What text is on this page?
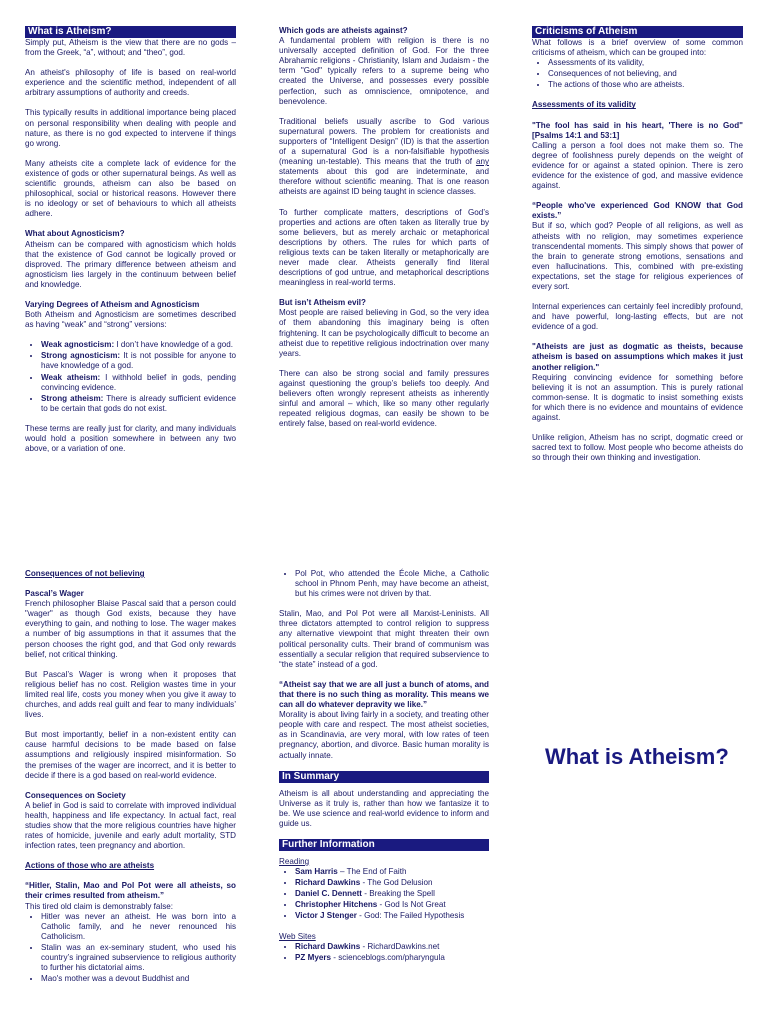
What is Atheism?

Simply put, Atheism is the view that there are no gods – from the Greek, “a”, without; and “theo”, god.

An atheist's philosophy of life is based on real-world experience and the scientific method, independent of all arbitrary assumptions of authority and creeds.

This typically results in additional importance being placed on personal responsibility when dealing with people and nature, as there is no god expected to intervene if things go wrong.

Many atheists cite a complete lack of evidence for the existence of gods or other supernatural beings. As well as scientific grounds, atheism can also be based on philosophical, social or historical reasons. However there is no ideology or set of behaviours to which all atheists adhere.

What about Agnosticism?

Atheism can be compared with agnosticism which holds that the existence of God cannot be logically proved or disproved. The primary difference between atheism and agnosticism lies largely in the continuum between belief and knowledge.

Varying Degrees of Atheism and Agnosticism

Both Atheism and Agnosticism are sometimes described as having “weak” and “strong” versions:

• Weak agnosticism: I don’t have knowledge of a god.
• Strong agnosticism: It is not possible for anyone to have knowledge of a god.
• Weak atheism: I withhold belief in gods, pending convincing evidence.
• Strong atheism: There is already sufficient evidence to be certain that gods do not exist.

These terms are really just for clarity, and many individuals would hold a position somewhere in between any two above, or a variation of one.

Which gods are atheists against?

A fundamental problem with religion is there is no universally accepted definition of God. For the three Abrahamic religions - Christianity, Islam and Judaism - the term "God" typically refers to a supreme being who created the Universe, and possesses every possible perfection, such as omniscience, omnipotence, and benevolence.

Traditional beliefs usually ascribe to God various supernatural powers. The problem for creationists and supporters of “Intelligent Design” (ID) is that the assertion of a supernatural God is a non-falsifiable hypothesis (meaning un-testable). This means that the truth of any statements about this god are indeterminate, and therefore without scientific meaning. That is one reason atheists are against ID being taught in science classes.

To further complicate matters, descriptions of God’s properties and actions are often taken as literally true by some believers, but as merely archaic or metaphorical descriptions by others. The rules for which parts of religious texts can be taken literally or metaphorically are never made clear. Atheists generally find literal descriptions of god untrue, and metaphorical descriptions meaningless in real-world terms.

But isn’t Atheism evil?

Most people are raised believing in God, so the very idea of them abandoning this imaginary being is often frightening. It can be psychologically difficult to become an atheist due to repetitive religious indoctrination over many years.

There can also be strong social and family pressures against questioning the group’s beliefs too deeply. And believers often wrongly represent atheists as inherently sinful and amoral – which, like so many other regularly repeated religious dogmas, can easily be shown to be entirely false, based on real-world evidence.

Criticisms of Atheism
What follows is a brief overview of some common criticisms of atheism, which can be grouped into:
• Assessments of its validity,
• Consequences of not believing, and
• The actions of those who are atheists.
Assessments of its validity
"The fool has said in his heart, 'There is no God" [Psalms 14:1 and 53:1]

Calling a person a fool does not make them so. The degree of foolishness purely depends on the weight of evidence for or against a stated opinion. There is zero evidence for the existence of god, and massive evidence against.

“People who've experienced God KNOW that God exists.”

But if so, which god? People of all religions, as well as atheists with no religion, may sometimes experience transcendental moments. This simply shows that power of the brain to generate strong emotions, sensations and even hallucinations. This, combined with pre-existing expectations, set the stage for religious experiences of every sort.

Internal experiences can certainly feel incredibly profound, and have powerful, long-lasting effects, but are not evidence of a god.

"Atheists are just as dogmatic as theists, because atheism is based on assumptions which makes it just another religion."

Requiring convincing evidence for something before believing it is not an assumption. This is purely rational common-sense. It is dogmatic to insist something exists for which there is no evidence and mountains of evidence against.

Unlike religion, Atheism has no script, dogmatic creed or sacred text to follow. Most people who become atheists do so through their own thinking and investigation.

Consequences of not believing
Pascal’s Wager

French philosopher Blaise Pascal said that a person could "wager" as though God exists, because they have everything to gain, and nothing to lose. The wager makes a number of big assumptions in that it assumes that the person chooses the right god, and that God only rewards belief, not critical thinking.

But Pascal’s Wager is wrong when it proposes that religious belief has no cost. Religion wastes time in your limited real life, costs you money when you give it away to churches, and adds real guilt and fear to many individuals’ lives.

But most importantly, belief in a non-existent entity can cause harmful decisions to be made based on false assumptions and religiously inspired misinformation. So the premises of the wager are incorrect, and it is better to decide if there is a god based on real-world evidence.

Consequences on Society

A belief in God is said to correlate with improved individual health, happiness and life expectancy. In actual fact, real studies show that the more religious countries have higher rates of homicide, juvenile and early adult mortality, STD infection rates, teen pregnancy and abortion.

Actions of those who are atheists
“Hitler, Stalin, Mao and Pol Pot were all atheists, so their crimes resulted from atheism.”
This tired old claim is demonstrably false:
• Hitler was never an atheist. He was born into a Catholic family, and he never renounced his Catholicism.
• Stalin was an ex-seminary student, who used his country’s ingrained subservience to religious authority to further his dictatorial aims.
• Mao's mother was a devout Buddhist and
• Pol Pot, who attended the École Miche, a Catholic school in Phnom Penh, may have become an atheist, but his crimes were not driven by that.

Stalin, Mao, and Pol Pot were all Marxist-Leninists. All three dictators attempted to control religion to suppress any alternative viewpoint that might threaten their own political personality cults. Their brand of communism was essentially a secular religion that required subservience to “the state” instead of a god.

“Atheist say that we are all just a bunch of atoms, and that there is no such thing as morality. This means we can all do whatever depravity we like.”

Morality is about living fairly in a society, and treating other people with care and respect. The most atheist societies, as in Scandinavia, are very moral, with low rates of teen pregnancy, abortion, and divorce. Basic human morality is actually innate.

In Summary

Atheism is all about understanding and appreciating the Universe as it truly is, rather than how we fantasize it to be. We use science and real-world evidence to inform and guide us.

Further Information
Reading
• Sam Harris – The End of Faith
• Richard Dawkins - The God Delusion
• Daniel C. Dennett - Breaking the Spell
• Christopher Hitchens - God Is Not Great
• Victor J Stenger - God: The Failed Hypothesis
Web Sites
• Richard Dawkins - RichardDawkins.net
• PZ Myers - scienceblogs.com/pharyngula
What is Atheism?
